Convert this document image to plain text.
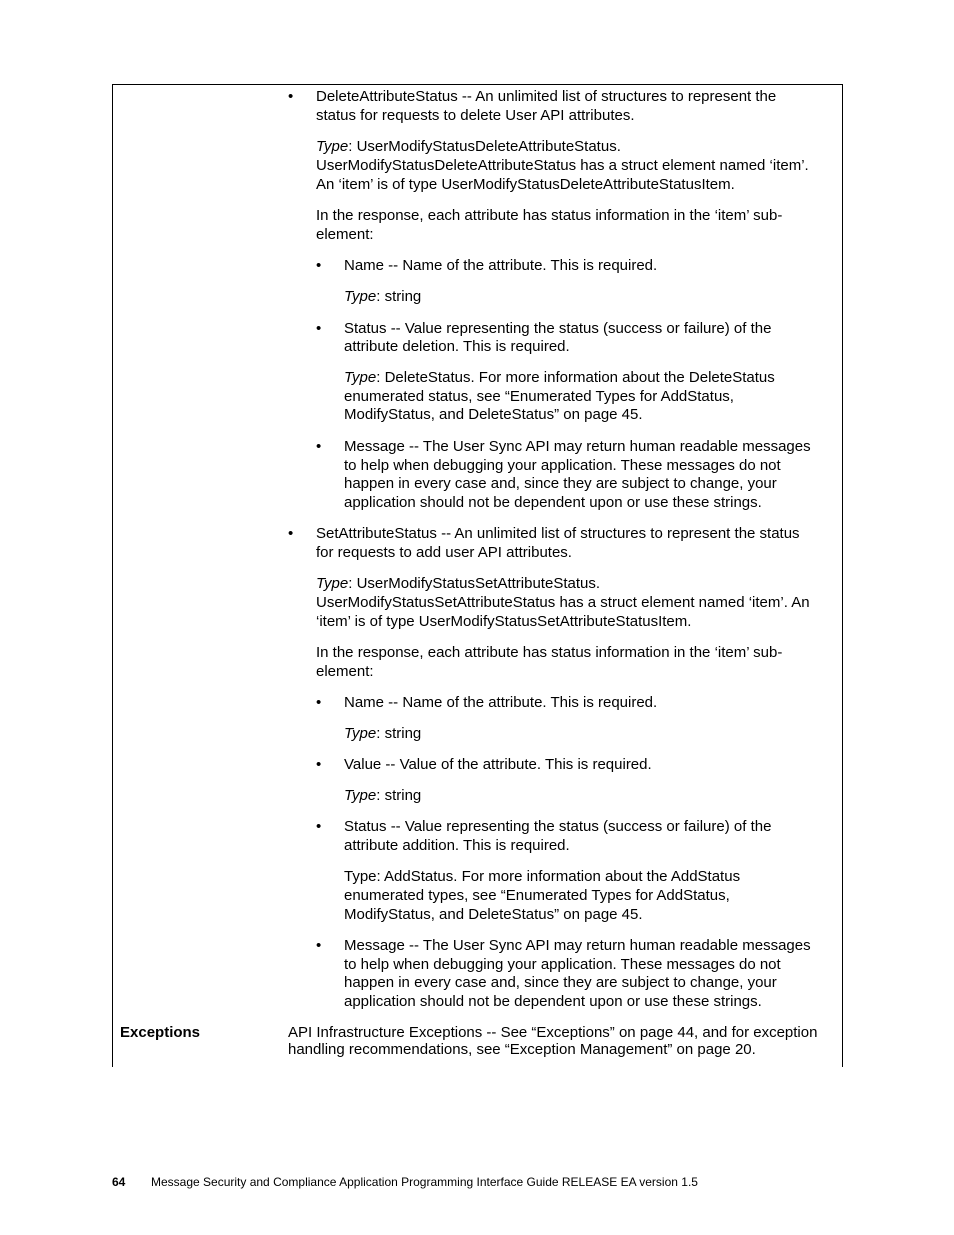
• DeleteAttributeStatus -- An unlimited list of structures to represent the
status for requests to delete User API attributes.
Type: UserModifyStatusDeleteAttributeStatus.
UserModifyStatusDeleteAttributeStatus has a struct element named ‘item’.
An ‘item’ is of type UserModifyStatusDeleteAttributeStatusItem.
In the response, each attribute has status information in the ‘item’ sub-
element:
• Name -- Name of the attribute. This is required.
Type: string
• Status -- Value representing the status (success or failure) of the
attribute deletion. This is required.
Type: DeleteStatus. For more information about the DeleteStatus
enumerated status, see “Enumerated Types for AddStatus,
ModifyStatus, and DeleteStatus” on page 45.
• Message -- The User Sync API may return human readable messages
to help when debugging your application. These messages do not
happen in every case and, since they are subject to change, your
application should not be dependent upon or use these strings.
• SetAttributeStatus -- An unlimited list of structures to represent the status
for requests to add user API attributes.
Type: UserModifyStatusSetAttributeStatus.
UserModifyStatusSetAttributeStatus has a struct element named ‘item’. An
‘item’ is of type UserModifyStatusSetAttributeStatusItem.
In the response, each attribute has status information in the ‘item’ sub-
element:
• Name -- Name of the attribute. This is required.
Type: string
• Value -- Value of the attribute. This is required.
Type: string
• Status -- Value representing the status (success or failure) of the
attribute addition. This is required.
Type: AddStatus. For more information about the AddStatus
enumerated types, see “Enumerated Types for AddStatus,
ModifyStatus, and DeleteStatus” on page 45.
• Message -- The User Sync API may return human readable messages
to help when debugging your application. These messages do not
happen in every case and, since they are subject to change, your
application should not be dependent upon or use these strings.
Exceptions	API Infrastructure Exceptions -- See “Exceptions” on page 44, and for exception
handling recommendations, see “Exception Management” on page 20.
64 Message Security and Compliance Application Programming Interface Guide RELEASE EA version 1.5
